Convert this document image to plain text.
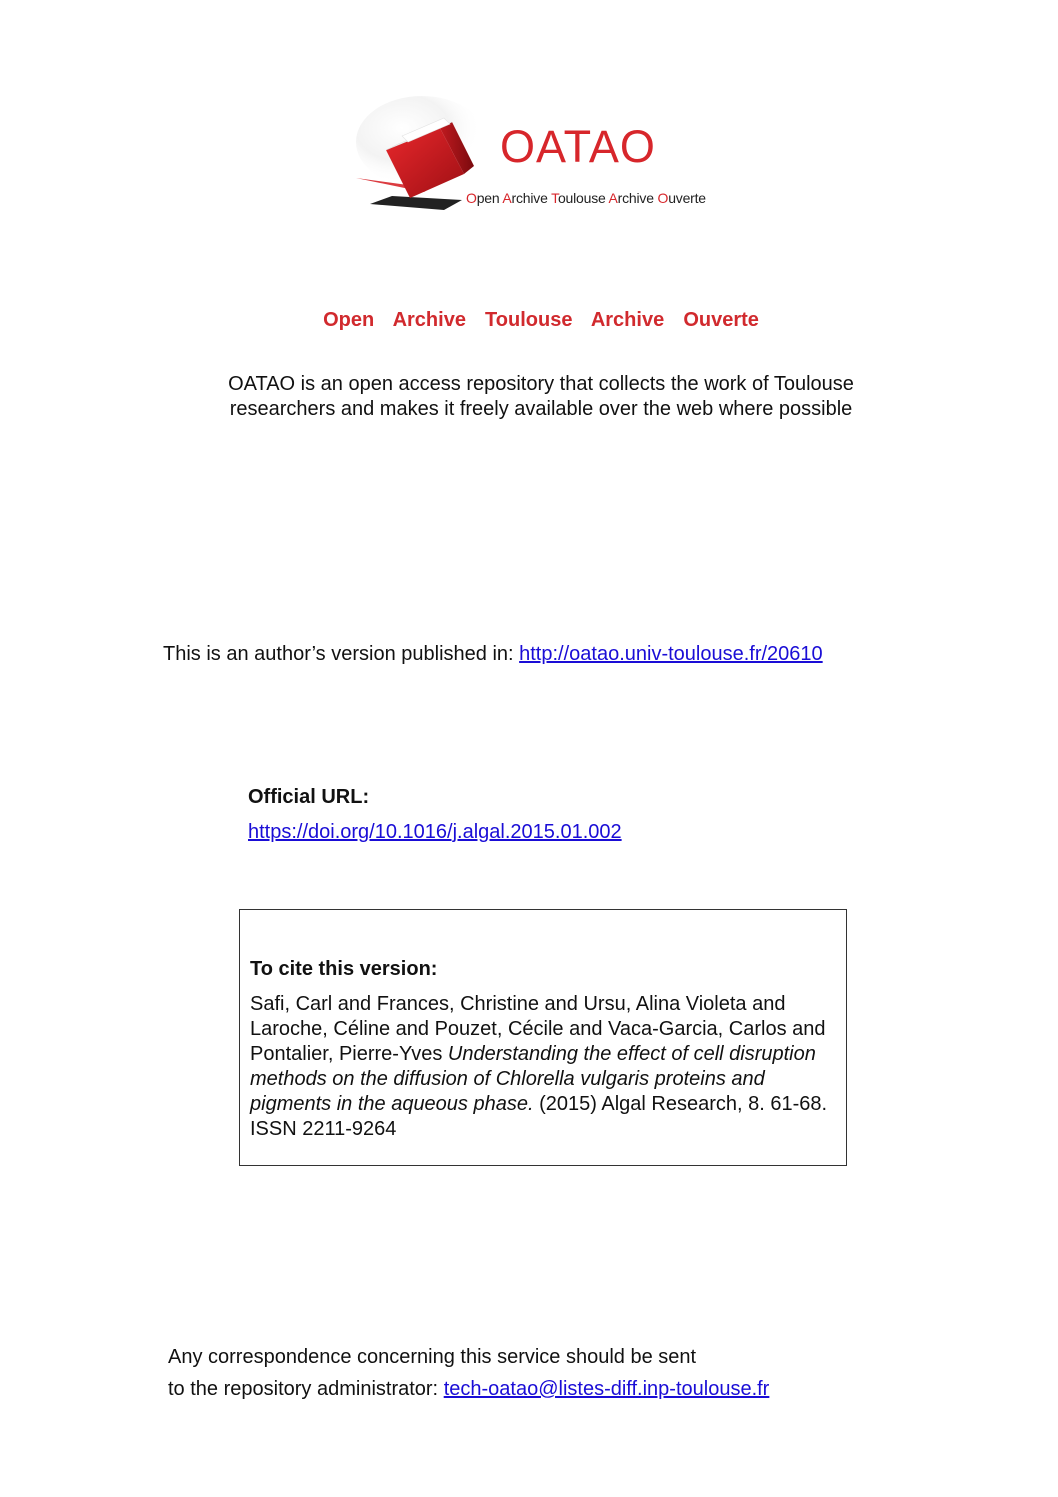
OATAO
Open Archive Toulouse Archive Ouverte
Open  Archive  Toulouse  Archive  Ouverte
OATAO is an open access repository that collects the work of Toulouse
researchers and makes it freely available over the web where possible
This is an author’s version published in: http://oatao.univ-toulouse.fr/20610
Official URL:
https://doi.org/10.1016/j.algal.2015.01.002
To cite this version:
Safi, Carl and Frances, Christine and Ursu, Alina Violeta and Laroche, Céline and Pouzet, Cécile and Vaca-Garcia, Carlos and Pontalier, Pierre-Yves Understanding the effect of cell disruption methods on the diffusion of Chlorella vulgaris proteins and pigments in the aqueous phase. (2015) Algal Research, 8. 61-68. ISSN 2211-9264
Any correspondence concerning this service should be sent
to the repository administrator: tech-oatao@listes-diff.inp-toulouse.fr
